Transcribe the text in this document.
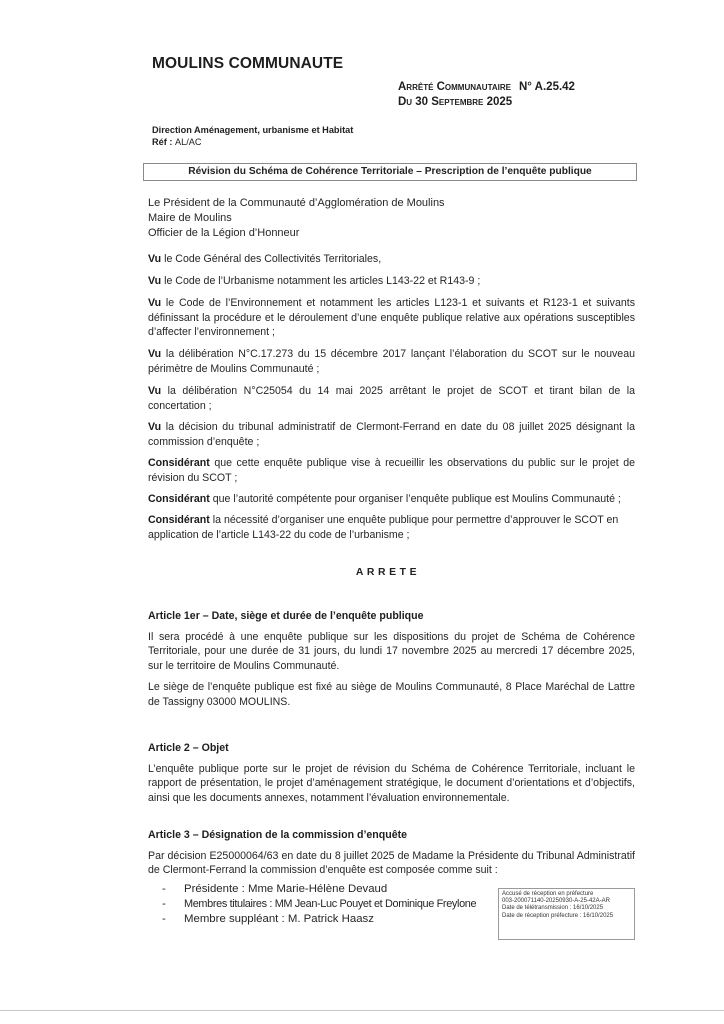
MOULINS COMMUNAUTE
Arrêté Communautaire N° A.25.42
Du 30 Septembre 2025
Direction Aménagement, urbanisme et Habitat
Réf : AL/AC
Révision du Schéma de Cohérence Territoriale – Prescription de l’enquête publique
Le Président de la Communauté d’Agglomération de Moulins
Maire de Moulins
Officier de la Légion d’Honneur
Vu le Code Général des Collectivités Territoriales,
Vu le Code de l’Urbanisme notamment les articles L143-22 et R143-9 ;
Vu le Code de l’Environnement et notamment les articles L123-1 et suivants et R123-1 et suivants définissant la procédure et le déroulement d’une enquête publique relative aux opérations susceptibles d’affecter l’environnement ;
Vu la délibération N°C.17.273 du 15 décembre 2017 lançant l’élaboration du SCOT sur le nouveau périmètre de Moulins Communauté ;
Vu la délibération N°C25054 du 14 mai 2025 arrêtant le projet de SCOT et tirant bilan de la concertation ;
Vu la décision du tribunal administratif de Clermont-Ferrand en date du 08 juillet 2025 désignant la commission d’enquête ;
Considérant que cette enquête publique vise à recueillir les observations du public sur le projet de révision du SCOT ;
Considérant que l’autorité compétente pour organiser l’enquête publique est Moulins Communauté ;
Considérant la nécessité d’organiser une enquête publique pour permettre d’approuver le SCOT en application de l’article L143-22 du code de l’urbanisme ;
ARRETE
Article 1er – Date, siège et durée de l’enquête publique

Il sera procédé à une enquête publique sur les dispositions du projet de Schéma de Cohérence Territoriale, pour une durée de 31 jours, du lundi 17 novembre 2025 au mercredi 17 décembre 2025, sur le territoire de Moulins Communauté.

Le siège de l’enquête publique est fixé au siège de Moulins Communauté, 8 Place Maréchal de Lattre de Tassigny 03000 MOULINS.

Article 2 – Objet

L’enquête publique porte sur le projet de révision du Schéma de Cohérence Territoriale, incluant le rapport de présentation, le projet d’aménagement stratégique, le document d’orientations et d’objectifs, ainsi que les documents annexes, notamment l’évaluation environnementale.

Article 3 – Désignation de la commission d’enquête

Par décision E25000064/63 en date du 8 juillet 2025 de Madame la Présidente du Tribunal Administratif de Clermont-Ferrand la commission d’enquête est composée comme suit :

-	Présidente : Mme Marie-Hélène Devaud
-	Membres titulaires : MM Jean-Luc Pouyet et Dominique Freylone
-	Membre suppléant : M. Patrick Haasz
Accusé de réception en préfecture
003-200071140-20250930-A-25-42A-AR
Date de télétransmission : 16/10/2025
Date de réception préfecture : 16/10/2025
